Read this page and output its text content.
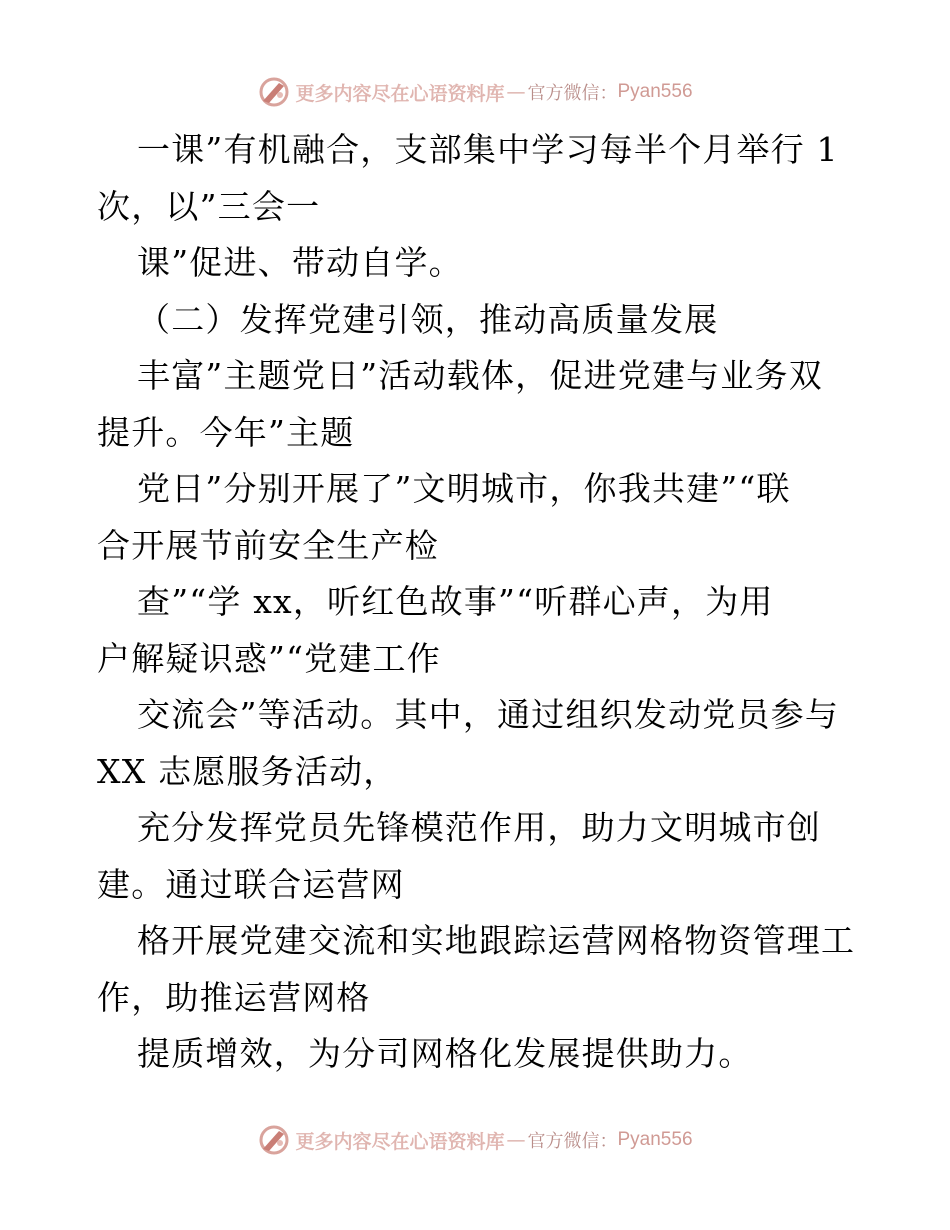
更多内容尽在心语资料库 — 官方微信： Pyan556
一课”有机融合，支部集中学习每半个月举行 1
次，以”三会一
课”促进、带动自学。
（二）发挥党建引领，推动高质量发展
丰富”主题党日”活动载体，促进党建与业务双
提升。今年”主题
党日”分别开展了”文明城市，你我共建”“联
合开展节前安全生产检
查”“学 xx，听红色故事”“听群心声，为用
户解疑识惑”“党建工作
交流会”等活动。其中，通过组织发动党员参与
XX 志愿服务活动，
充分发挥党员先锋模范作用，助力文明城市创
建。通过联合运营网
格开展党建交流和实地跟踪运营网格物资管理工
作，助推运营网格
提质增效，为分司网格化发展提供助力。
更多内容尽在心语资料库 — 官方微信： Pyan556
